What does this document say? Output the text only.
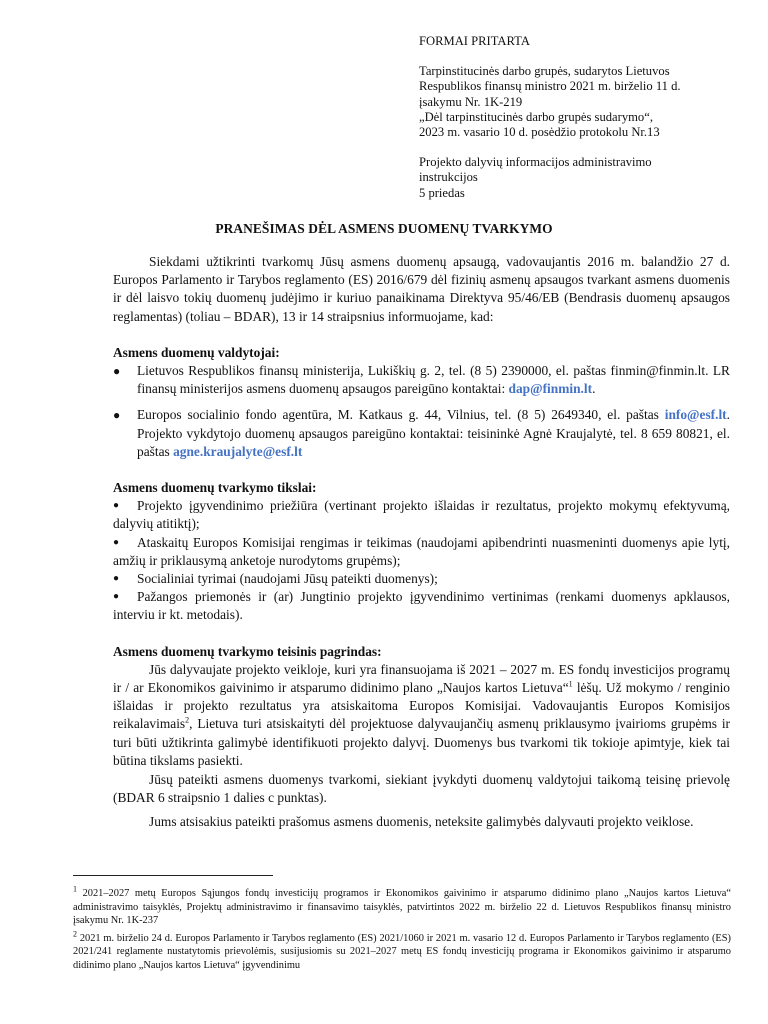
FORMAI PRITARTA

Tarpinstitucinės darbo grupės, sudarytos Lietuvos
Respublikos finansų ministro 2021 m. birželio 11 d.
įsakymu Nr. 1K-219
„Dėl tarpinstitucinės darbo grupės sudarymo“,
2023 m. vasario 10 d. posėdžio protokolu Nr.13

Projekto dalyvių informacijos administravimo
instrukcijos
5 priedas

PRANEŠIMAS DĖL ASMENS DUOMENŲ TVARKYMO

Siekdami užtikrinti tvarkomų Jūsų asmens duomenų apsaugą, vadovaujantis 2016 m. balandžio 27 d. Europos Parlamento ir Tarybos reglamento (ES) 2016/679 dėl fizinių asmenų apsaugos tvarkant asmens duomenis ir dėl laisvo tokių duomenų judėjimo ir kuriuo panaikinama Direktyva 95/46/EB (Bendrasis duomenų apsaugos reglamentas) (toliau – BDAR), 13 ir 14 straipsnius informuojame, kad:

Asmens duomenų valdytojai:

● Lietuvos Respublikos finansų ministerija, Lukiškių g. 2, tel. (8 5) 2390000, el. paštas finmin@finmin.lt. LR finansų ministerijos asmens duomenų apsaugos pareigūno kontaktai: dap@finmin.lt.
● Europos socialinio fondo agentūra, M. Katkaus g. 44, Vilnius, tel. (8 5) 2649340, el. paštas info@esf.lt. Projekto vykdytojo duomenų apsaugos pareigūno kontaktai: teisininkė Agnė Kraujalytė, tel. 8 659 80821, el. paštas agne.kraujalyte@esf.lt

Asmens duomenų tvarkymo tikslai:

● Projekto įgyvendinimo priežiūra (vertinant projekto išlaidas ir rezultatus, projekto mokymų efektyvumą, dalyvių atitiktį);
● Ataskaitų Europos Komisijai rengimas ir teikimas (naudojami apibendrinti nuasmeninti duomenys apie lytį, amžių ir priklausymą anketoje nurodytoms grupėms);
● Socialiniai tyrimai (naudojami Jūsų pateikti duomenys);
● Pažangos priemonės ir (ar) Jungtinio projekto įgyvendinimo vertinimas (renkami duomenys apklausos, interviu ir kt. metodais).

Asmens duomenų tvarkymo teisinis pagrindas:

Jūs dalyvaujate projekto veikloje, kuri yra finansuojama iš 2021 – 2027 m. ES fondų investicijos programų ir / ar Ekonomikos gaivinimo ir atsparumo didinimo plano „Naujos kartos Lietuva“$^1$ lėšų. Už mokymo / renginio išlaidas ir projekto rezultatus yra atsiskaitoma Europos Komisijai. Vadovaujantis Europos Komisijos reikalavimais$^2$, Lietuva turi atsiskaityti dėl projektuose dalyvaujančių asmenų priklausymo įvairioms grupėms ir turi būti užtikrinta galimybė identifikuoti projekto dalyvį. Duomenys bus tvarkomi tik tokioje apimtyje, kiek tai būtina tikslams pasiekti.

Jūsų pateikti asmens duomenys tvarkomi, siekiant įvykdyti duomenų valdytojui taikomą teisinę prievolę (BDAR 6 straipsnio 1 dalies c punktas).

Jums atsisakius pateikti prašomus asmens duomenis, neteksite galimybės dalyvauti projekto veiklose.

$^1$ 2021–2027 metų Europos Sąjungos fondų investicijų programos ir Ekonomikos gaivinimo ir atsparumo didinimo plano „Naujos kartos Lietuva“ administravimo taisyklės, Projektų administravimo ir finansavimo taisyklės, patvirtintos 2022 m. birželio 22 d. Lietuvos Respublikos finansų ministro įsakymu Nr. 1K-237

$^2$ 2021 m. birželio 24 d. Europos Parlamento ir Tarybos reglamento (ES) 2021/1060 ir 2021 m. vasario 12 d. Europos Parlamento ir Tarybos reglamento (ES) 2021/241 reglamente nustatytomis prievolėmis, susijusiomis su 2021–2027 metų ES fondų investicijų programa ir Ekonomikos gaivinimo ir atsparumo didinimo plano „Naujos kartos Lietuva“ įgyvendinimu
